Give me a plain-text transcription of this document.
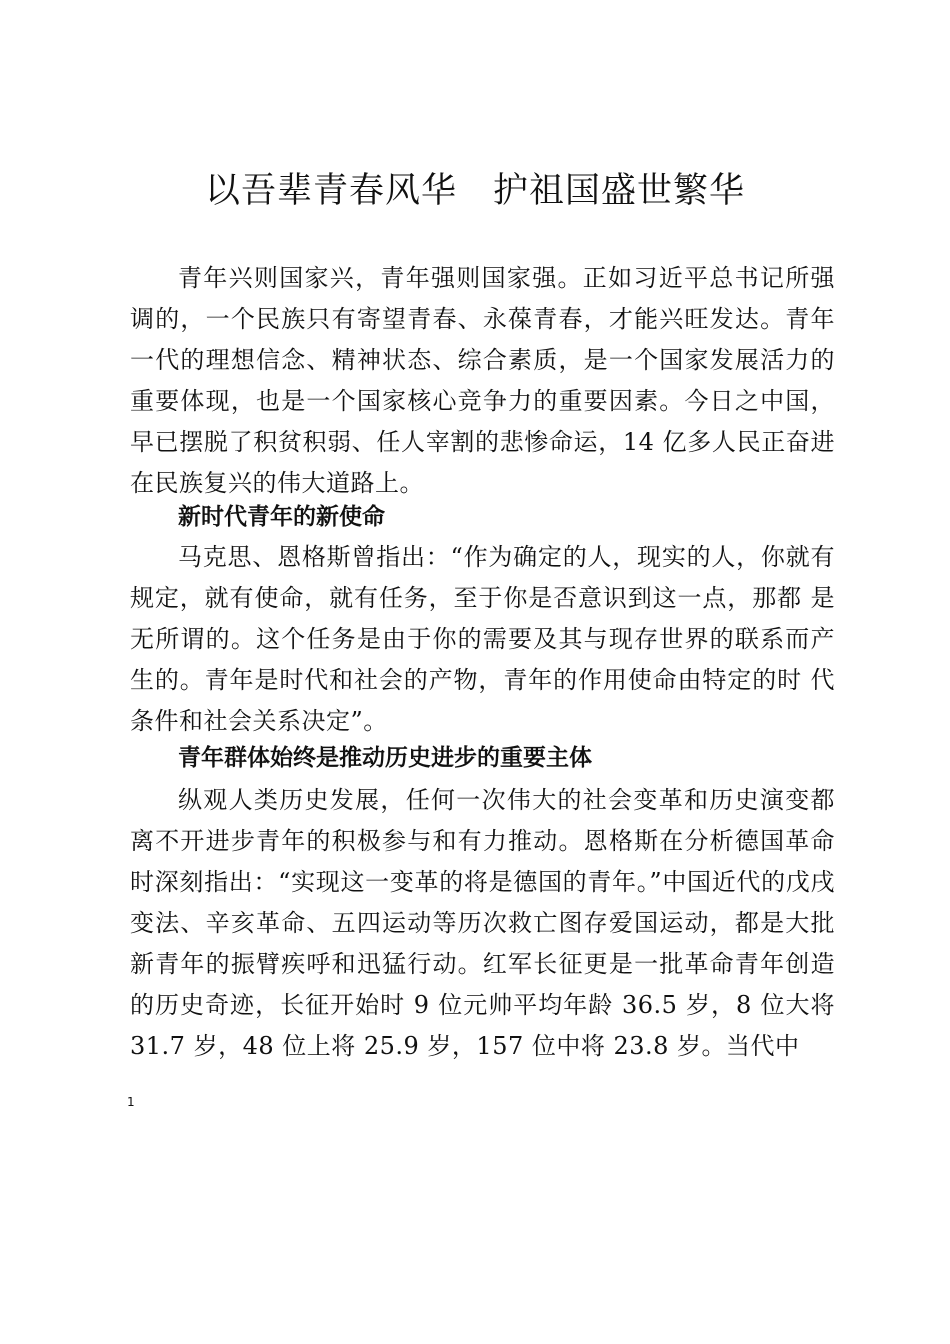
以吾辈青春风华　护祖国盛世繁华

青年兴则国家兴，青年强则国家强。正如习近平总书记所强调的，一个民族只有寄望青春、永葆青春，才能兴旺发达。青年一代的理想信念、精神状态、综合素质，是一个国家发展活力的重要体现，也是一个国家核心竞争力的重要因素。今日之中国， 早已摆脱了积贫积弱、任人宰割的悲惨命运，14 亿多人民正奋进在民族复兴的伟大道路上。

新时代青年的新使命

马克思、恩格斯曾指出：“作为确定的人，现实的人，你就有规定，就有使命，就有任务，至于你是否意识到这一点，那都 是无所谓的。这个任务是由于你的需要及其与现存世界的联系而产生的。青年是时代和社会的产物，青年的作用使命由特定的时 代条件和社会关系决定”。

青年群体始终是推动历史进步的重要主体

纵观人类历史发展，任何一次伟大的社会变革和历史演变都离不开进步青年的积极参与和有力推动。恩格斯在分析德国革命时深刻指出：“实现这一变革的将是德国的青年。”中国近代的戊戌变法、辛亥革命、五四运动等历次救亡图存爱国运动，都是大批新青年的振臂疾呼和迅猛行动。红军长征更是一批革命青年创造的历史奇迹，长征开始时 9 位元帅平均年龄 36.5 岁，8 位大将 31.7 岁，48 位上将 25.9 岁，157 位中将 23.8 岁。当代中

1
